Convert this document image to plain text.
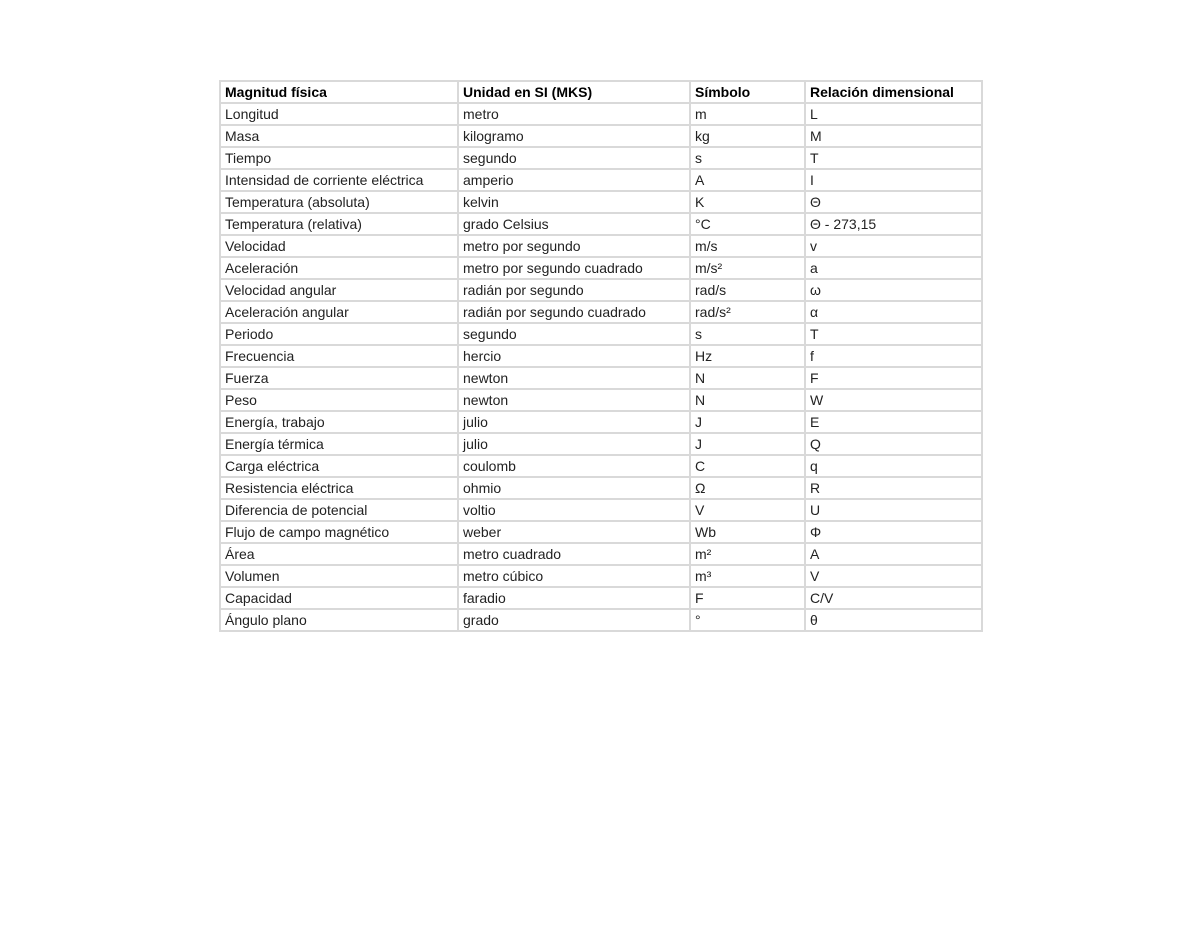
Magnitud física	Unidad en SI (MKS)	Símbolo	Relación dimensional
Longitud	metro	m	L
Masa	kilogramo	kg	M
Tiempo	segundo	s	T
Intensidad de corriente eléctrica	amperio	A	I
Temperatura (absoluta)	kelvin	K	Θ
Temperatura (relativa)	grado Celsius	°C	Θ - 273,15
Velocidad	metro por segundo	m/s	v
Aceleración	metro por segundo cuadrado	m/s²	a
Velocidad angular	radián por segundo	rad/s	ω
Aceleración angular	radián por segundo cuadrado	rad/s²	α
Periodo	segundo	s	T
Frecuencia	hercio	Hz	f
Fuerza	newton	N	F
Peso	newton	N	W
Energía, trabajo	julio	J	E
Energía térmica	julio	J	Q
Carga eléctrica	coulomb	C	q
Resistencia eléctrica	ohmio	Ω	R
Diferencia de potencial	voltio	V	U
Flujo de campo magnético	weber	Wb	Φ
Área	metro cuadrado	m²	A
Volumen	metro cúbico	m³	V
Capacidad	faradio	F	C/V
Ángulo plano	grado	°	θ
